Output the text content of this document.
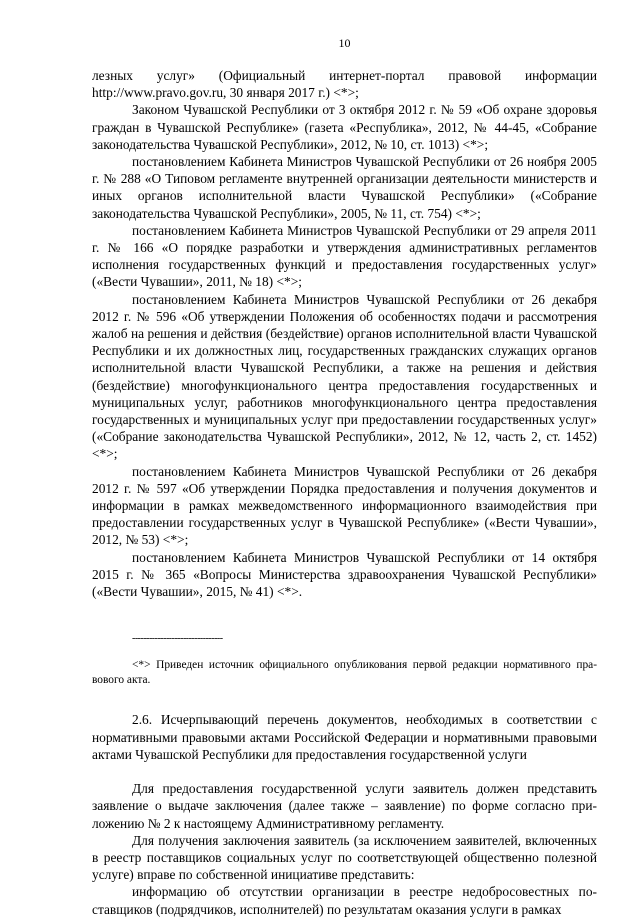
10

лезных услуг» (Официальный интернет-портал правовой информации http://www.pravo.gov.ru, 30 января 2017 г.) <*>;

Законом Чувашской Республики от 3 октября 2012 г. № 59 «Об охране здоровья граждан в Чувашской Республике» (газета «Республика», 2012, № 44-45, «Собрание законодательства Чувашской Республики», 2012, № 10, ст. 1013) <*>;

постановлением Кабинета Министров Чувашской Республики от 26 ноября 2005 г. № 288 «О Типовом регламенте внутренней организации деятельности министерств и иных органов исполнительной власти Чувашской Республики» («Собрание законодательства Чувашской Республики», 2005, № 11, ст. 754) <*>;

постановлением Кабинета Министров Чувашской Республики от 29 апреля 2011 г. № 166 «О порядке разработки и утверждения административных регламентов исполнения государственных функций и предоставления государственных услуг» («Вести Чувашии», 2011, № 18) <*>;

постановлением Кабинета Министров Чувашской Республики от 26 декабря 2012 г. № 596 «Об утверждении Положения об особенностях подачи и рассмотрения жалоб на решения и действия (бездействие) органов исполнительной власти Чувашской Республики и их должностных лиц, государственных гражданских служащих органов исполнительной власти Чувашской Республики, а также на решения и действия (бездействие) многофункционального центра предоставления государственных и муниципальных услуг, работников многофункционального центра предоставления государственных и муниципальных услуг при предоставлении государственных услуг» («Собрание законодательства Чувашской Республики», 2012, № 12, часть 2, ст. 1452) <*>;

постановлением Кабинета Министров Чувашской Республики от 26 декабря 2012 г. № 597 «Об утверждении Порядка предоставления и получения документов и информации в рамках межведомственного информационного взаимодействия при предоставлении государственных услуг в Чувашской Республике» («Вести Чувашии», 2012, № 53) <*>;

постановлением Кабинета Министров Чувашской Республики от 14 октября 2015 г. № 365 «Вопросы Министерства здравоохранения Чувашской Республики» («Вести Чувашии», 2015, № 41) <*>.

--------------------------------
<*> Приведен источник официального опубликования первой редакции нормативного правового акта.
2.6. Исчерпывающий перечень документов, необходимых в соответствии с нормативными правовыми актами Российской Федерации и нормативными правовыми актами Чувашской Республики для предоставления государственной услуги

Для предоставления государственной услуги заявитель должен представить заявление о выдаче заключения (далее также – заявление) по форме согласно приложению № 2 к настоящему Административному регламенту.

Для получения заключения заявитель (за исключением заявителей, включенных в реестр поставщиков социальных услуг по соответствующей общественно полезной услуге) вправе по собственной инициативе представить:

информацию об отсутствии организации в реестре недобросовестных поставщиков (подрядчиков, исполнителей) по результатам оказания услуги в рамках
